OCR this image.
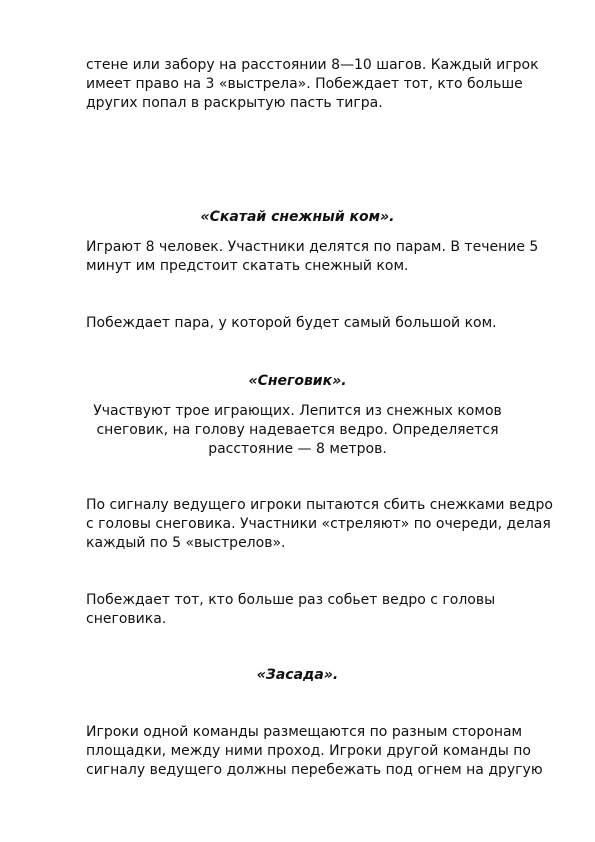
стене или забору на расстоянии 8—10 шагов. Каждый игрок

имеет право на 3 «выстрела». Побеждает тот, кто больше

других попал в раскрытую пасть тигра.

«Скатай снежный ком».

Играют 8 человек. Участники делятся по парам. В течение 5

минут им предстоит скатать снежный ком.

Побеждает пара, у которой будет самый большой ком.

«Снеговик».

Участвуют трое играющих. Лепится из снежных комов

снеговик, на голову надевается ведро. Определяется

расстояние — 8 метров.

По сигналу ведущего игроки пытаются сбить снежками ведро

с головы снеговика. Участники «стреляют» по очереди, делая

каждый по 5 «выстрелов».

Побеждает тот, кто больше раз собьет ведро с головы

снеговика.

«Засада».

Игроки одной команды размещаются по разным сторонам

площадки, между ними проход. Игроки другой команды по

сигналу ведущего должны перебежать под огнем на другую
